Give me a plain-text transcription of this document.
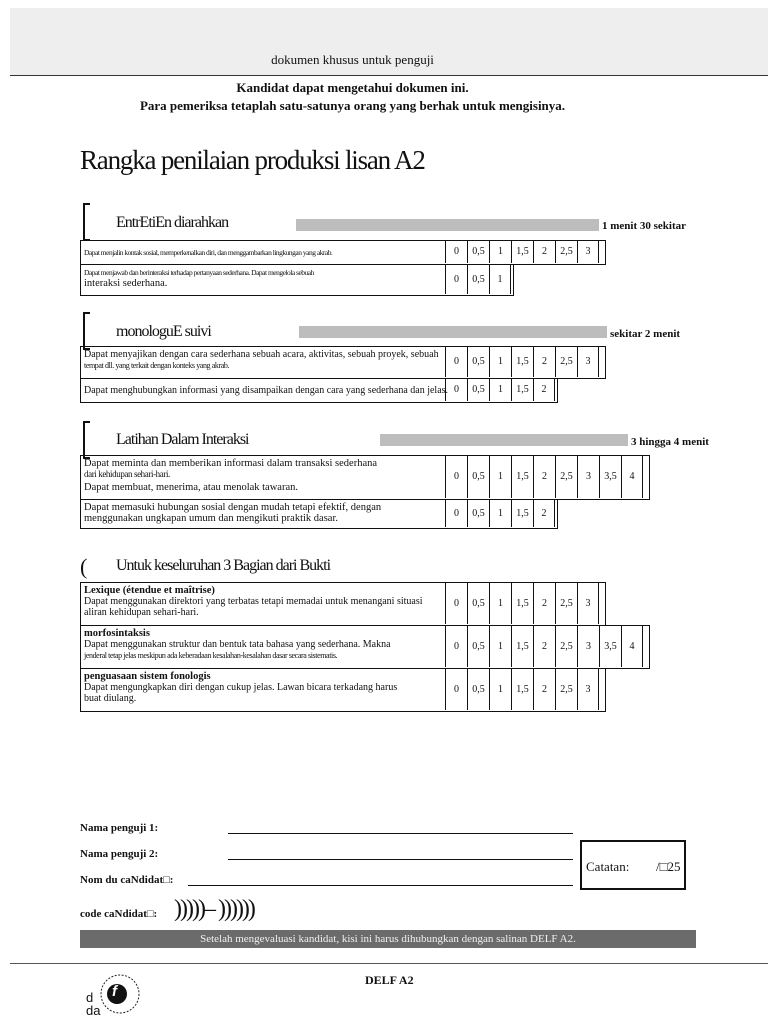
dokumen khusus untuk penguji
Kandidat dapat mengetahui dokumen ini.
Para pemeriksa tetaplah satu-satunya orang yang berhak untuk mengisinya.
Rangka penilaian produksi lisan A2
EntrEtiEn diarahkan	1 menit 30 sekitar
Dapat menjalin kontak sosial, memperkenalkan diri, dan menggambarkan lingkungan yang akrab.	0	0,5	1	1,5	2	2,5	3
Dapat menjawab dan berinteraksi terhadap pertanyaan sederhana. Dapat mengelola sebuah
interaksi sederhana.	0	0,5	1
monologuE suivi	sekitar 2 menit
Dapat menyajikan dengan cara sederhana sebuah acara, aktivitas, sebuah proyek, sebuah
tempat dll. yang terkait dengan konteks yang akrab.	0	0,5	1	1,5	2	2,5	3
Dapat menghubungkan informasi yang disampaikan dengan cara yang sederhana dan jelas. 0	0,5	1	1,5	2
Latihan Dalam Interaksi	3 hingga 4 menit
Dapat meminta dan memberikan informasi dalam transaksi sederhana
dari kehidupan sehari-hari.
Dapat membuat, menerima, atau menolak tawaran.
0	0,5	1	1,5	2	2,5	3	3,5	4
Dapat memasuki hubungan sosial dengan mudah tetapi efektif, dengan
menggunakan ungkapan umum dan mengikuti praktik dasar.	0	0,5	1	1,5	2
( Untuk keseluruhan 3 Bagian dari Bukti
Lexique (étendue et maîtrise)
Dapat menggunakan direktori yang terbatas tetapi memadai untuk menangani situasi
aliran kehidupan sehari-hari.
0	0,5	1	1,5	2	2,5	3
morfosintaksis
Dapat menggunakan struktur dan bentuk tata bahasa yang sederhana. Makna
jenderal tetap jelas meskipun ada keberadaan kesalahan-kesalahan dasar secara sistematis.
0	0,5	1	1,5	2	2,5	3	3,5	4
penguasaan sistem fonologis
Dapat mengungkapkan diri dengan cukup jelas. Lawan bicara terkadang harus
buat diulang.
0	0,5	1	1,5	2	2,5	3
Nama penguji 1:
Nama penguji 2:
Nom du caNdidat□:
code caNdidat□: )))))– ))))))
Catatan: /□25
Setelah mengevaluasi kandidat, kisi ini harus dihubungkan dengan salinan DELF A2.
DELF A2
d
da
f
